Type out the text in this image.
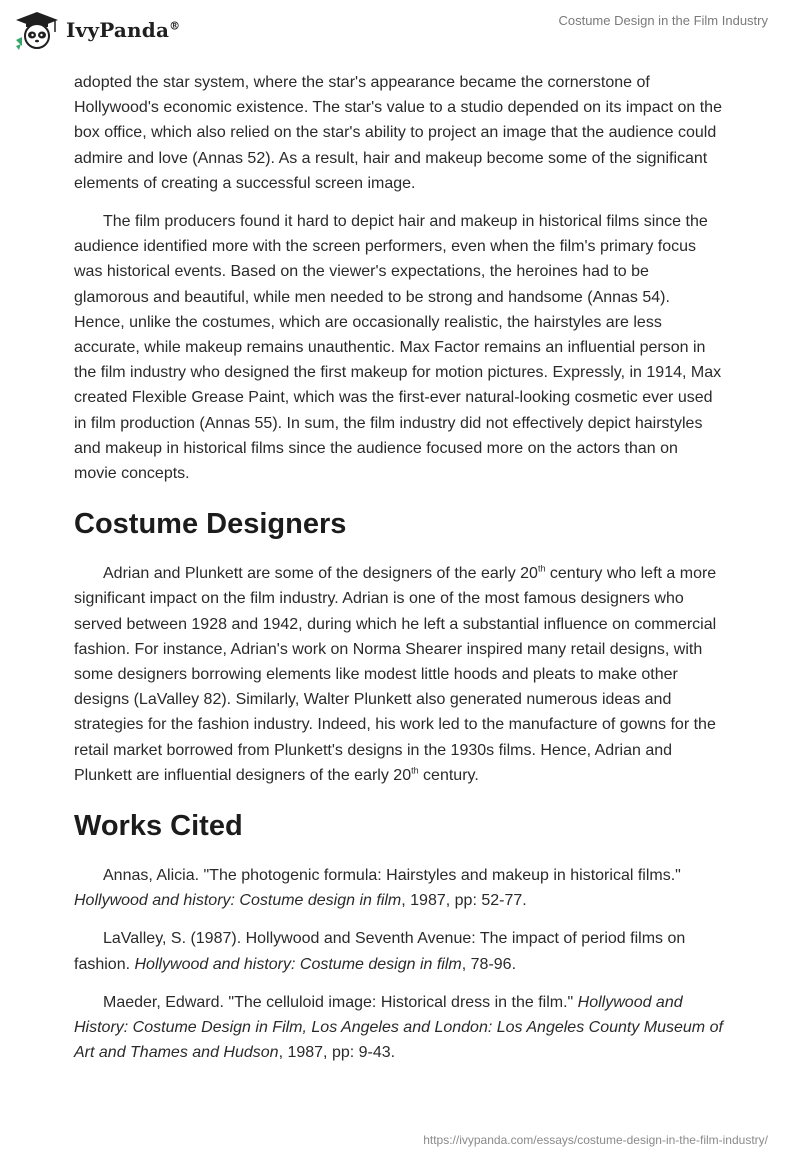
IvyPanda®	Costume Design in the Film Industry

adopted the star system, where the star's appearance became the cornerstone of Hollywood's economic existence. The star's value to a studio depended on its impact on the box office, which also relied on the star's ability to project an image that the audience could admire and love (Annas 52). As a result, hair and makeup become some of the significant elements of creating a successful screen image.

The film producers found it hard to depict hair and makeup in historical films since the audience identified more with the screen performers, even when the film's primary focus was historical events. Based on the viewer's expectations, the heroines had to be glamorous and beautiful, while men needed to be strong and handsome (Annas 54). Hence, unlike the costumes, which are occasionally realistic, the hairstyles are less accurate, while makeup remains unauthentic. Max Factor remains an influential person in the film industry who designed the first makeup for motion pictures. Expressly, in 1914, Max created Flexible Grease Paint, which was the first-ever natural-looking cosmetic ever used in film production (Annas 55). In sum, the film industry did not effectively depict hairstyles and makeup in historical films since the audience focused more on the actors than on movie concepts.

Costume Designers

Adrian and Plunkett are some of the designers of the early 20th century who left a more significant impact on the film industry. Adrian is one of the most famous designers who served between 1928 and 1942, during which he left a substantial influence on commercial fashion. For instance, Adrian's work on Norma Shearer inspired many retail designs, with some designers borrowing elements like modest little hoods and pleats to make other designs (LaValley 82). Similarly, Walter Plunkett also generated numerous ideas and strategies for the fashion industry. Indeed, his work led to the manufacture of gowns for the retail market borrowed from Plunkett's designs in the 1930s films. Hence, Adrian and Plunkett are influential designers of the early 20th century.

Works Cited

Annas, Alicia. "The photogenic formula: Hairstyles and makeup in historical films." Hollywood and history: Costume design in film, 1987, pp: 52-77.

LaValley, S. (1987). Hollywood and Seventh Avenue: The impact of period films on fashion. Hollywood and history: Costume design in film, 78-96.

Maeder, Edward. "The celluloid image: Historical dress in the film." Hollywood and History: Costume Design in Film, Los Angeles and London: Los Angeles County Museum of Art and Thames and Hudson, 1987, pp: 9-43.

https://ivypanda.com/essays/costume-design-in-the-film-industry/
